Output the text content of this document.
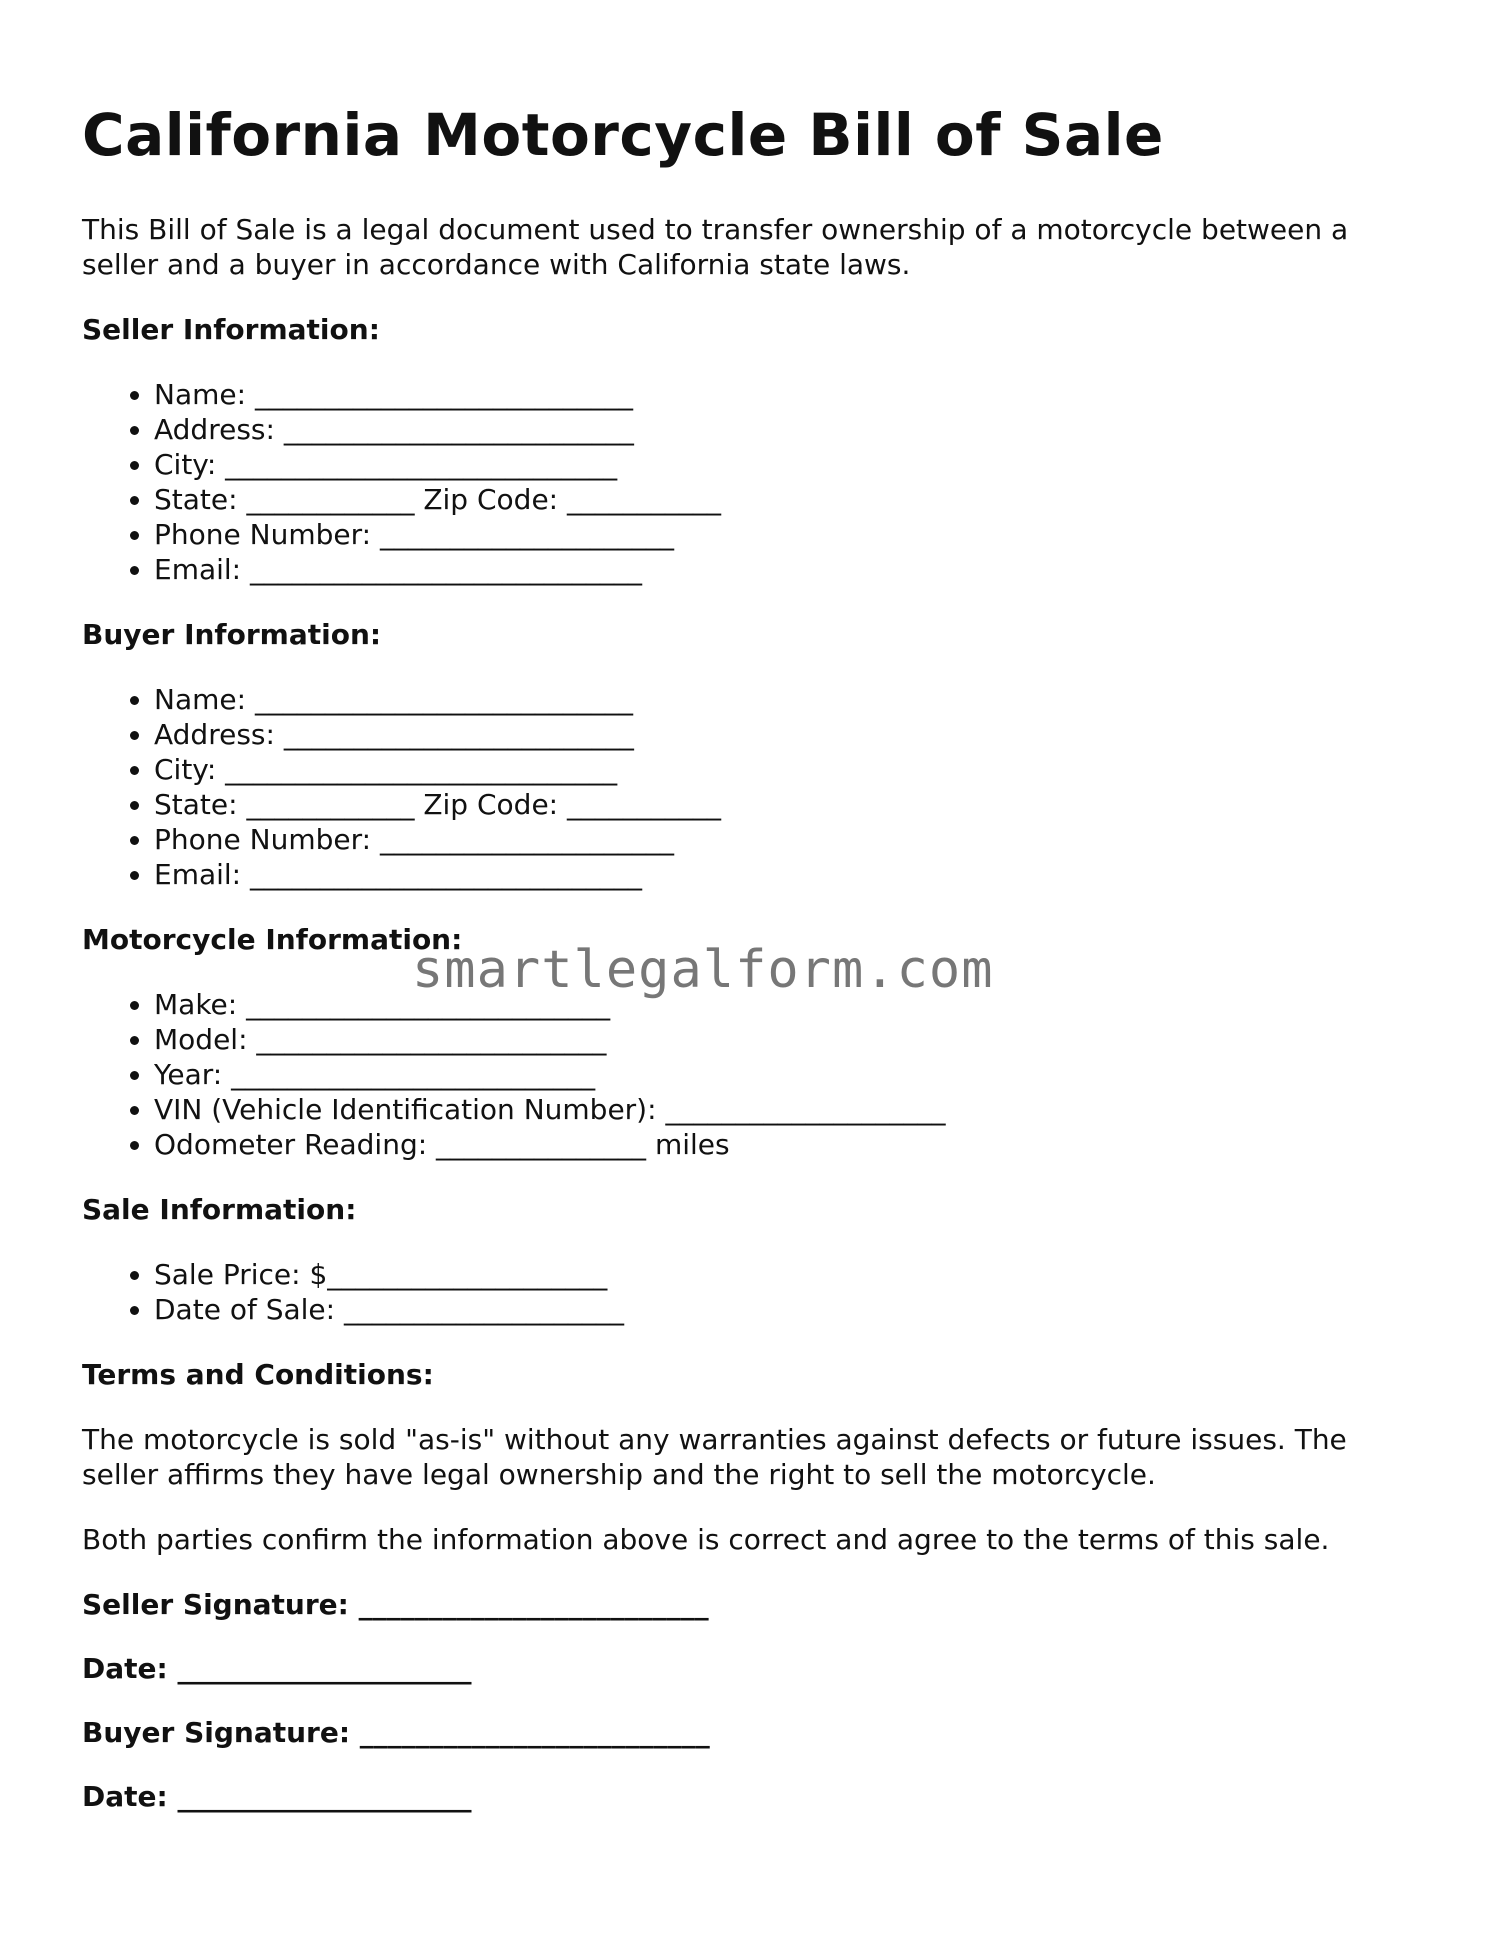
California Motorcycle Bill of Sale

This Bill of Sale is a legal document used to transfer ownership of a motorcycle between a seller and a buyer in accordance with California state laws.

Seller Information:
• Name: ___________________________
• Address: _________________________
• City: ____________________________
• State: ____________ Zip Code: ___________
• Phone Number: _____________________
• Email: ____________________________
Buyer Information:
• Name: ___________________________
• Address: _________________________
• City: ____________________________
• State: ____________ Zip Code: ___________
• Phone Number: _____________________
• Email: ____________________________
Motorcycle Information:
• Make: __________________________
• Model: _________________________
• Year: __________________________
• VIN (Vehicle Identification Number): ____________________
• Odometer Reading: _______________ miles
Sale Information:
• Sale Price: $____________________
• Date of Sale: ____________________
Terms and Conditions:

The motorcycle is sold "as-is" without any warranties against defects or future issues. The seller affirms they have legal ownership and the right to sell the motorcycle.

Both parties confirm the information above is correct and agree to the terms of this sale.

Seller Signature: _________________________
Date: _____________________
Buyer Signature: _________________________
Date: _____________________
smartlegalform.com
